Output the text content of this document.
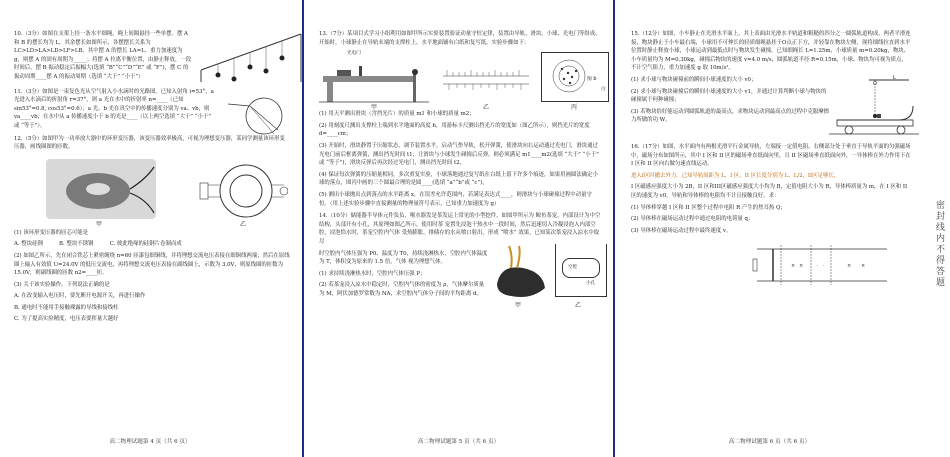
10.（3分）如图在支架上挂一条水平细绳，绳上间隔悬挂一些单摆。摆 A 和 B 的摆长均为 L，其余摆长如图所示，各摆摆长关系为 LC>LD>LA>LD>LF>LB，其中摆 A 的摆长 LA=L。重力加速度为 g，则摆 A 的固有周期为_____；将摆 A 拉离平衡位置，由静止释放，一段时间后，摆 B 振动稳定后振幅大(选填 “B”“C”“D”“E” 或 “F”)，摆 C 的振动周期____摆 A 的振动周期（选填 “大于” “小于”）
11.（3分）如图是一束复色光从空气射入小水滴时的光路图。已知入射角 i=53°，a 光进入水滴后的折射角 r=37°，则 a 光在水中的折射率 n=____（已知 sin53°=0.8, cos53°=0.6）；a 光、b 光在真空中的传播速度分别为 va、vb，则 va____vb；在水中从 a 传播速度小于 b 的光是____（以上两空选填 “大于” “小于” 或 “等于”）。
12.（5分）如图甲为一功率放大器中的环形变压器，该变压器效率极高，可视为理想变压器，某同学测量该环形变压器，画线圈图的匝数。
甲	乙
(1) 该环形变压器的匝芯可能是
A. 整块硅钢　　　B. 整块不锈钢　　　C. 彼此绝缘的硅钢片卷制而成
(2) 如图乙所示，先在闭合铁芯上紧密缠绕 n=60 匝漆包细铜线，并将理想交流电压表接在细铜线两端；然后在原线圈上输入有效值 U=24.0V 的低压交流电，再将理想交流电压表接在副线圈上，示数为 3.0V，则原线圈的匝数为 15.0V，则副线圈的匝数 n2=____匝。
(3) 关于该实验操作，下列说法正确的是
A. 在改变输入电压时，要先断开电源开关，再进行操作
B. 通电时不能用手接触裸露的导线和接线柱
C. 为了提高实验精度，电压表要挥量大越好
高二物理试题第 4 页（共 6 页）
13.（7分）某项目式学习小组利用如图甲所示实验装置验证动量守恒定律，装置由导轨、滑块、小球、光电门等组成，开始时，小球静止在导轨末端的支撑柱上，水平地面铺有白纸和复写纸，实验步骤如下：
光电门
图 b
白
甲	乙	丙
(1) 用天平测出滑块（含挡光片）的质量 m1 和小球的质量 m2；
(2) 用刻度尺测出支撑柱上端到水平地面的高度 h，用游标卡尺测出挡光片的宽度如（图乙所示），则挡光片的宽度 d=____cm；
(3) 开始时，滑块静置于压缩状态，调节装置水平，启动气垫导轨，松开弹簧，使滑块向右运动通过光电门，滑块通过光电门前后框离弹簧，测出挡光时间 t1；让滑块与小球发生碰撞后反弹，则必须满足 m1____m2(选填 “大于” “小于” 或 “等于”)，滑块反弹后再次经过光电门，测出挡光时间 t2，
(4) 保证每次弹簧的压缩量相同，多次重复实验，小球落地通过复写纸在白纸上留下许多个痕迹，如果用画圆法确定小球的落点，图丙中画的三个圆最合理的是圆____(选填 “a”“b”或 “c”)。
(5) 测出小球抛出点到落点的水平距离 x，在误差允许范围内，若满足表达式____，则滑块与小球碰撞过程中动量守恒。（用上述实验步骤中直接测量的物理量符号表示，已知重力加速度为 g）
14.（10分）储能器半导体元件负负，喉水器发是茶发运上常见的小型挖件，如图甲所示为 鲸鱼茶宠，内部设计为中空结构，头部开有小孔，其原理如图乙所示，使用时茶 宠置先浸泡干热水中一段时间，然后迅速切入冷凝浸泡入内部空腔，浸泡恰水时，茶宠空腔内气体 受热膨胀，排储存的水从喷口射出，形成 “喷水” 效果，已知某次茶宠浸入凉水中取尽
时空腔内气体压强为 P0、温度为 T0，持续浇淋热水，空腔内气体温度为 T，体积变为原来的 1.5 倍，气体 视为理想气体。
(1) 求持续浇淋热水时，空腔内气体压强 P；
(2) 若茶宠浸入凉水中稳定时，空腔内气体的密度为 ρ，气体摩尔质量为 M，阿伏加德罗常数为 NA，求空腔内气体分子间的平均距离 d。
空腔
小孔
甲	乙
高二物理试题第 5 页（共 6 页）
15.（12分）如图，小车静止在光滑水平面上，其上表面由光滑水平轨道和粗糙的四分之一圆弧轨道构成，两者平滑连接，物块静止于小车最右端，小球用不可伸长的轻质细绳悬挂于O点正下方，并轻靠在物块左侧，现将细线拉直到水平位置时静止释放小球，小球运动到最低点时与物块发生碰撞，已知细绳长 L=1.25m，小球质量 m=0.20kg，物块、小车质量均为 M=0.30kg，碰撞后物块的速度 v=4.0 m/s，圆弧轨道半径 R=0.15m，小球、物块均可视为质点，不计空气阻力，重力加速度 g 取 10m/s²。
(1) 求小球与物块碰撞前的瞬间小球速度的大小 v0；
(2) 求小球与物块碰撞后的瞬间小球速度的大小 v1，并通过计算判断小球与物块的碰撞属于何种碰撞；
(3) 若物块恰好能运动到圆弧轨道的最高点，求物块运动到最高点的过程中克服摩擦力所做的功 W。
O
L
16.（17分）如图，水平面内有两根光滑平行金属导轨，左端接一定值电阻，右侧部分处于垂直于导轨平面的匀强磁场中，磁场分布如图所示，其中 I 区和 II 区的磁场垂直纸面向里，且 II 区磁场垂直纸面向外，一导体棒在外力作用下在 I 区和 II 区向右做匀速直线运动。
进入I区时撤去外力。已知导轨间距为 L，I 区、II 区长度分别为 L、L/2，II区足够长，
I 区磁感应强度大小为 2B，II 区和III区磁感应强度大小均为 B，定值电阻大小为 R，导体棒质量为 m，在 I 区和 II 区的速度为 v0，导轨和导体棒的电阻均不计且接触良好。求：
(1) 导体棒穿越 I 区和 II 区整个过程中电阻 R 产生的焦耳热 Q；
(2) 导体棒在磁场运动过程中通过电阻的电荷量 q；
(3) 导体棒在磁场运动过程中最终速度 v。
× ×	· ·	× ×
高二物理试题第 6 页（共 6 页）
密封线内不得答题
